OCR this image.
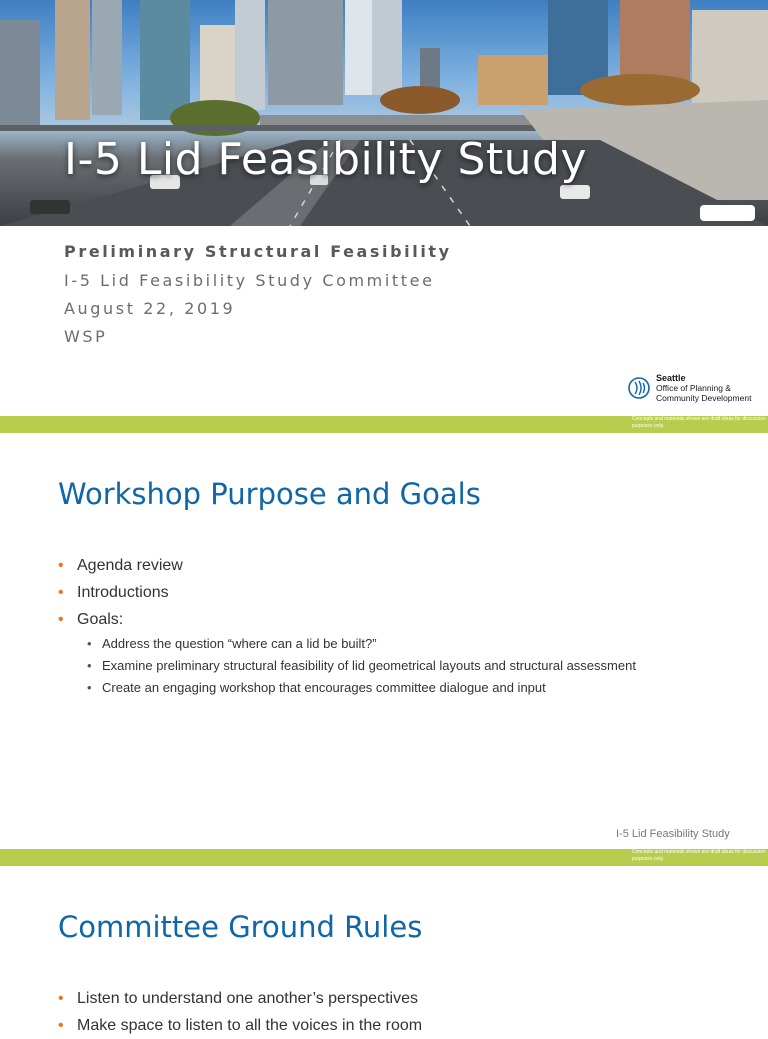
I-5 Lid Feasibility Study
Preliminary Structural Feasibility
I-5 Lid Feasibility Study Committee
August 22, 2019
WSP
Seattle
Office of Planning &
Community Development
Concepts and materials shown are draft ideas for discussion purposes only.
Workshop Purpose and Goals
• Agenda review
• Introductions
• Goals:
• Address the question “where can a lid be built?”
• Examine preliminary structural feasibility of lid geometrical layouts and structural assessment
• Create an engaging workshop that encourages committee dialogue and input
I-5 Lid Feasibility Study
Concepts and materials shown are draft ideas for discussion purposes only.
Committee Ground Rules
• Listen to understand one another’s perspectives
• Make space to listen to all the voices in the room
